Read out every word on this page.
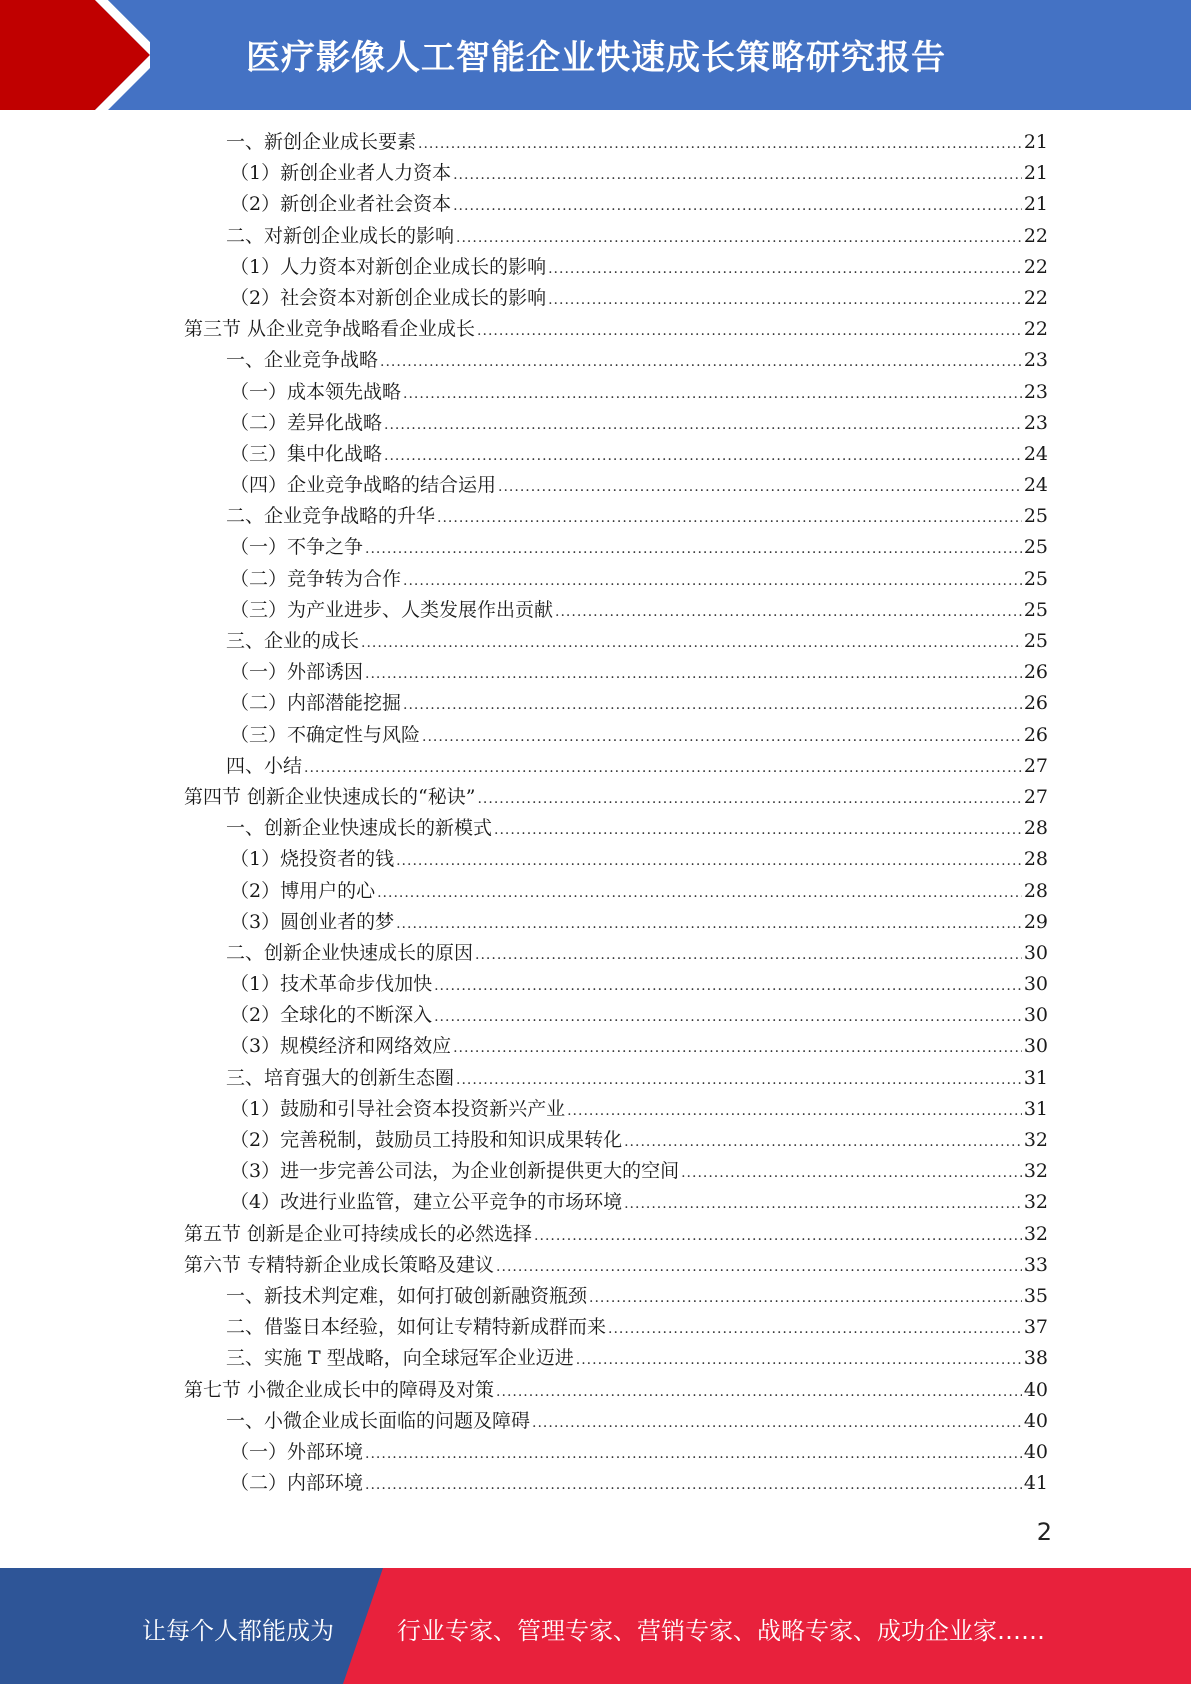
医疗影像人工智能企业快速成长策略研究报告
一、新创企业成长要素 .....	21
（1）新创企业者人力资本 .....	21
（2）新创企业者社会资本 .....	21
二、对新创企业成长的影响 .....	22
（1）人力资本对新创企业成长的影响 .....	22
（2）社会资本对新创企业成长的影响 .....	22
第三节 从企业竞争战略看企业成长 .....	22
一、企业竞争战略 .....	23
（一）成本领先战略 .....	23
（二）差异化战略 .....	23
（三）集中化战略 .....	24
（四）企业竞争战略的结合运用 .....	24
二、企业竞争战略的升华 .....	25
（一）不争之争 .....	25
（二）竞争转为合作 .....	25
（三）为产业进步、人类发展作出贡献 .....	25
三、企业的成长 .....	25
（一）外部诱因 .....	26
（二）内部潜能挖掘 .....	26
（三）不确定性与风险 .....	26
四、小结 .....	27
第四节 创新企业快速成长的“秘诀” .....	27
一、创新企业快速成长的新模式 .....	28
（1）烧投资者的钱 .....	28
（2）博用户的心 .....	28
（3）圆创业者的梦 .....	29
二、创新企业快速成长的原因 .....	30
（1）技术革命步伐加快 .....	30
（2）全球化的不断深入 .....	30
（3）规模经济和网络效应 .....	30
三、培育强大的创新生态圈 .....	31
（1）鼓励和引导社会资本投资新兴产业 .....	31
（2）完善税制，鼓励员工持股和知识成果转化 .....	32
（3）进一步完善公司法，为企业创新提供更大的空间 .....	32
（4）改进行业监管，建立公平竞争的市场环境 .....	32
第五节 创新是企业可持续成长的必然选择 .....	32
第六节 专精特新企业成长策略及建议 .....	33
一、新技术判定难，如何打破创新融资瓶颈 .....	35
二、借鉴日本经验，如何让专精特新成群而来 .....	37
三、实施 T 型战略，向全球冠军企业迈进 .....	38
第七节 小微企业成长中的障碍及对策 .....	40
一、小微企业成长面临的问题及障碍 .....	40
（一）外部环境 .....	40
（二）内部环境 .....	41
2
让每个人都能成为	行业专家、管理专家、营销专家、战略专家、成功企业家……
